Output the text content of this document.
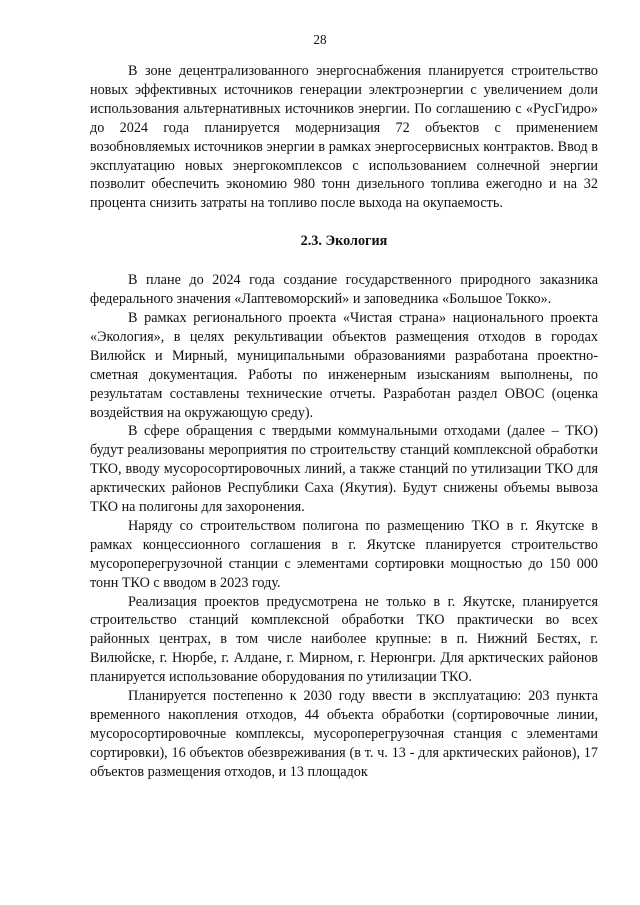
28

В зоне децентрализованного энергоснабжения планируется строительство новых эффективных источников генерации электроэнергии с увеличением доли использования альтернативных источников энергии. По соглашению с «РусГидро» до 2024 года планируется модернизация 72 объектов с применением возобновляемых источников энергии в рамках энергосервисных контрактов. Ввод в эксплуатацию новых энергокомплексов с использованием солнечной энергии позволит обеспечить экономию 980 тонн дизельного топлива ежегодно и на 32 процента снизить затраты на топливо после выхода на окупаемость.

2.3. Экология

В плане до 2024 года создание государственного природного заказника федерального значения «Лаптевоморский» и заповедника «Большое Токко».

В рамках регионального проекта «Чистая страна» национального проекта «Экология», в целях рекультивации объектов размещения отходов в городах Вилюйск и Мирный, муниципальными образованиями разработана проектно-сметная документация. Работы по инженерным изысканиям выполнены, по результатам составлены технические отчеты. Разработан раздел ОВОС (оценка воздействия на окружающую среду).

В сфере обращения с твердыми коммунальными отходами (далее – ТКО) будут реализованы мероприятия по строительству станций комплексной обработки ТКО, вводу мусоросортировочных линий, а также станций по утилизации ТКО для арктических районов Республики Саха (Якутия). Будут снижены объемы вывоза ТКО на полигоны для захоронения.

Наряду со строительством полигона по размещению ТКО в г. Якутске в рамках концессионного соглашения в г. Якутске планируется строительство мусороперегрузочной станции с элементами сортировки мощностью до 150 000 тонн ТКО с вводом в 2023 году.

Реализация проектов предусмотрена не только в г. Якутске, планируется строительство станций комплексной обработки ТКО практически во всех районных центрах, в том числе наиболее крупные: в п. Нижний Бестях, г. Вилюйске, г. Нюрбе, г. Алдане, г. Мирном, г. Нерюнгри. Для арктических районов планируется использование оборудования по утилизации ТКО.

Планируется постепенно к 2030 году ввести в эксплуатацию: 203 пункта временного накопления отходов, 44 объекта обработки (сортировочные линии, мусоросортировочные комплексы, мусороперегрузочная станция с элементами сортировки), 16 объектов обезвреживания (в т. ч. 13 - для арктических районов), 17 объектов размещения отходов, и 13 площадок
